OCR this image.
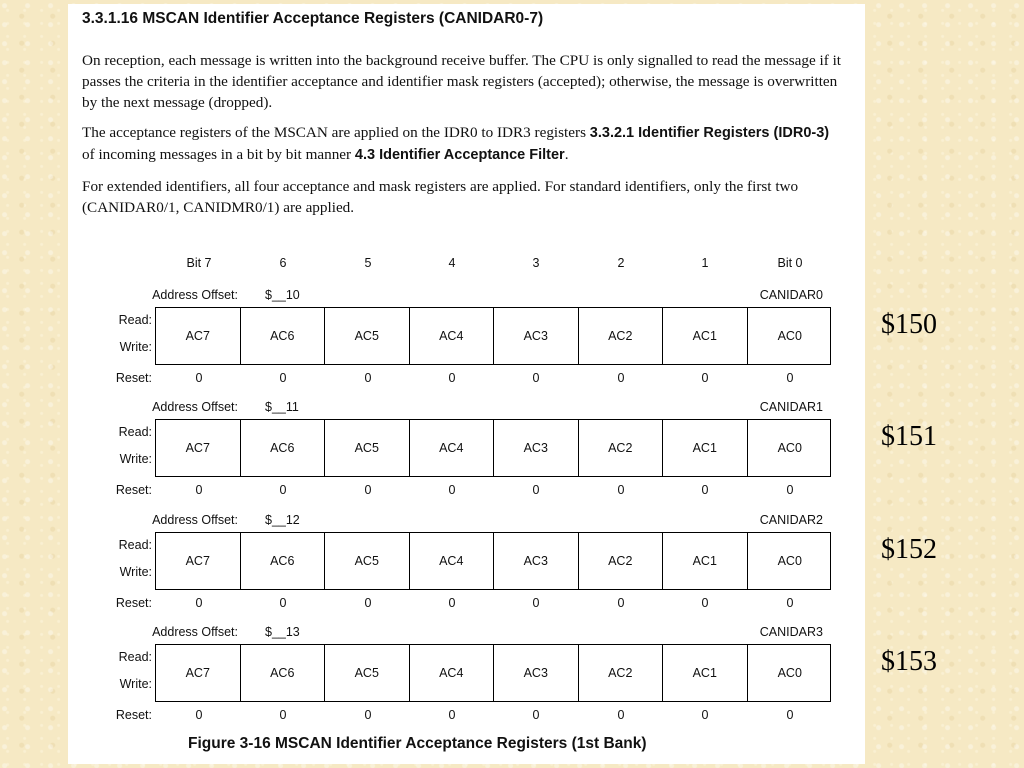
3.3.1.16 MSCAN Identifier Acceptance Registers (CANIDAR0-7)

On reception, each message is written into the background receive buffer. The CPU is only signalled to read the message if it passes the criteria in the identifier acceptance and identifier mask registers (accepted); otherwise, the message is overwritten by the next message (dropped).

The acceptance registers of the MSCAN are applied on the IDR0 to IDR3 registers 3.3.2.1 Identifier Registers (IDR0-3) of incoming messages in a bit by bit manner 4.3 Identifier Acceptance Filter.

For extended identifiers, all four acceptance and mask registers are applied. For standard identifiers, only the first two (CANIDAR0/1, CANIDMR0/1) are applied.

Bit 7	6	5	4	3	2	1	Bit 0
Address Offset: $__10	CANIDAR0
Read:
Write:
AC7	AC6	AC5	AC4	AC3	AC2	AC1	AC0
Reset:	0	0	0	0	0	0	0	0
Address Offset: $__11	CANIDAR1
Read:
Write:
AC7	AC6	AC5	AC4	AC3	AC2	AC1	AC0
Reset:	0	0	0	0	0	0	0	0
Address Offset: $__12	CANIDAR2
Read:
Write:
AC7	AC6	AC5	AC4	AC3	AC2	AC1	AC0
Reset:	0	0	0	0	0	0	0	0
Address Offset: $__13	CANIDAR3
Read:
Write:
AC7	AC6	AC5	AC4	AC3	AC2	AC1	AC0
Reset:	0	0	0	0	0	0	0	0
Figure 3-16 MSCAN Identifier Acceptance Registers (1st Bank)
$150
$151
$152
$153
